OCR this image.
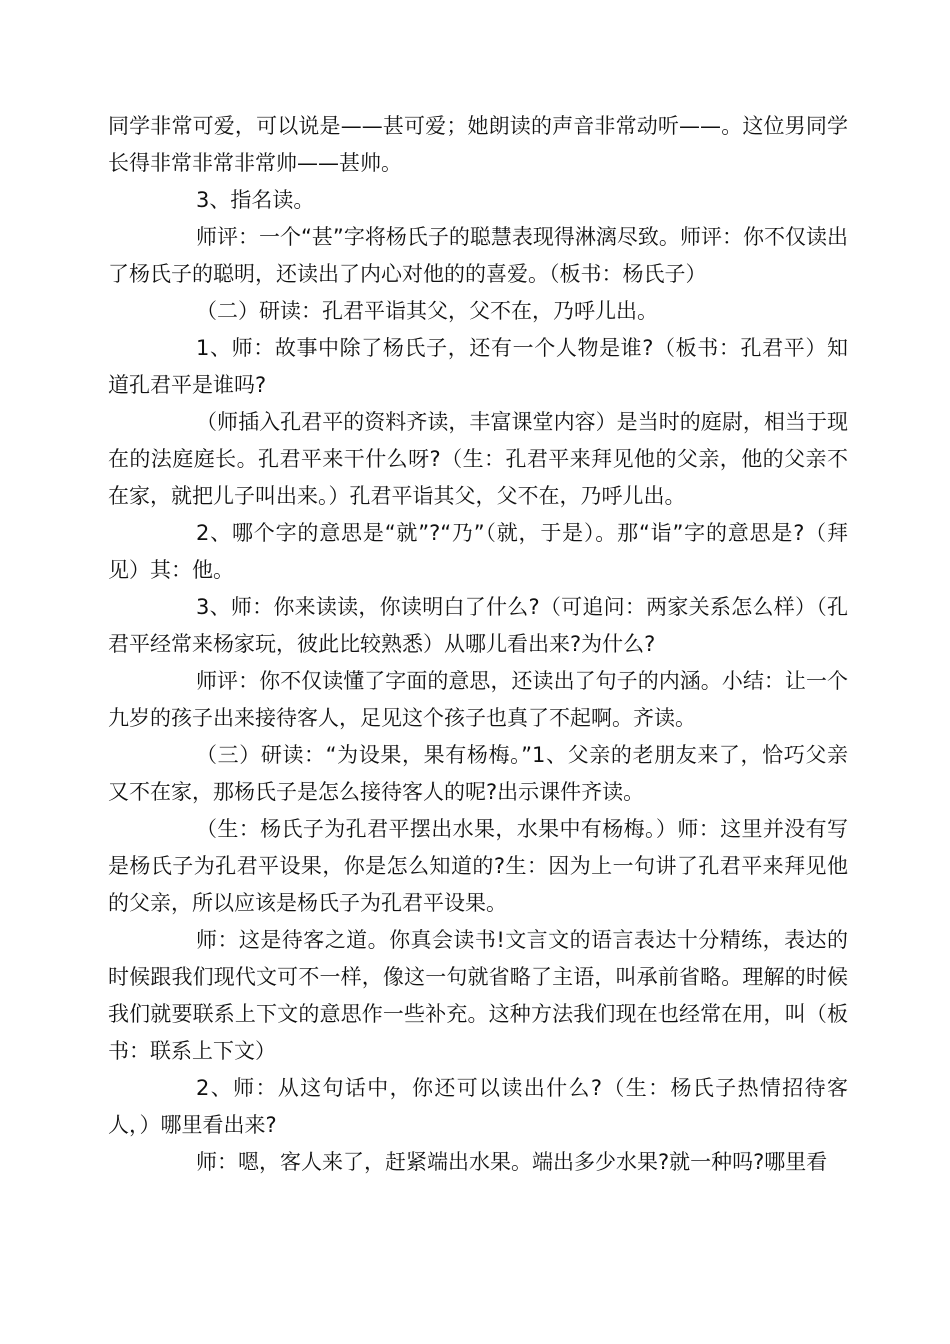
同学非常可爱，可以说是——甚可爱；她朗读的声音非常动听——。这位男同学长得非常非常非常帅——甚帅。

3、指名读。

师评：一个“甚”字将杨氏子的聪慧表现得淋漓尽致。师评：你不仅读出了杨氏子的聪明，还读出了内心对他的的喜爱。（板书：杨氏子）

（二）研读：孔君平诣其父，父不在，乃呼儿出。

1、师：故事中除了杨氏子，还有一个人物是谁?（板书：孔君平）知道孔君平是谁吗?

（师插入孔君平的资料齐读，丰富课堂内容）是当时的庭尉，相当于现在的法庭庭长。孔君平来干什么呀?（生：孔君平来拜见他的父亲，他的父亲不在家，就把儿子叫出来。）孔君平诣其父，父不在，乃呼儿出。

2、哪个字的意思是“就”?“乃”（就，于是）。那“诣”字的意思是?（拜见）其：他。

3、师：你来读读，你读明白了什么?（可追问：两家关系怎么样）（孔君平经常来杨家玩，彼此比较熟悉）从哪儿看出来?为什么?

师评：你不仅读懂了字面的意思，还读出了句子的内涵。小结：让一个九岁的孩子出来接待客人，足见这个孩子也真了不起啊。齐读。

（三）研读：“为设果，果有杨梅。”1、父亲的老朋友来了，恰巧父亲又不在家，那杨氏子是怎么接待客人的呢?出示课件齐读。

（生：杨氏子为孔君平摆出水果，水果中有杨梅。）师：这里并没有写是杨氏子为孔君平设果，你是怎么知道的?生：因为上一句讲了孔君平来拜见他的父亲，所以应该是杨氏子为孔君平设果。

师：这是待客之道。你真会读书!文言文的语言表达十分精练，表达的时候跟我们现代文可不一样，像这一句就省略了主语，叫承前省略。理解的时候我们就要联系上下文的意思作一些补充。这种方法我们现在也经常在用，叫（板书：联系上下文）

2、师：从这句话中，你还可以读出什么?（生：杨氏子热情招待客人，）哪里看出来?

师：嗯，客人来了，赶紧端出水果。端出多少水果?就一种吗?哪里看
